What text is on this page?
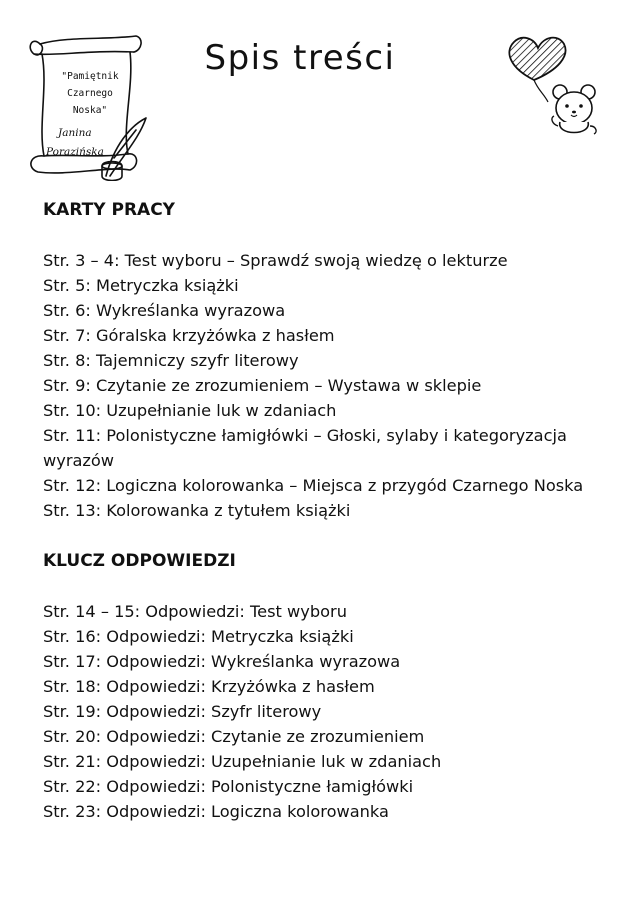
"Pamiętnik
Czarnego
Noska"
Janina
Porazińska
Spis treści
KARTY PRACY
Str. 3 – 4: Test wyboru – Sprawdź swoją wiedzę o lekturze
Str. 5: Metryczka książki
Str. 6: Wykreślanka wyrazowa
Str. 7: Góralska krzyżówka z hasłem
Str. 8: Tajemniczy szyfr literowy
Str. 9: Czytanie ze zrozumieniem – Wystawa w sklepie
Str. 10: Uzupełnianie luk w zdaniach
Str. 11: Polonistyczne łamigłówki – Głoski, sylaby i kategoryzacja wyrazów
Str. 12: Logiczna kolorowanka – Miejsca z przygód Czarnego Noska
Str. 13: Kolorowanka z tytułem książki
KLUCZ ODPOWIEDZI
Str. 14 – 15: Odpowiedzi: Test wyboru
Str. 16: Odpowiedzi: Metryczka książki
Str. 17: Odpowiedzi: Wykreślanka wyrazowa
Str. 18: Odpowiedzi: Krzyżówka z hasłem
Str. 19: Odpowiedzi: Szyfr literowy
Str. 20: Odpowiedzi: Czytanie ze zrozumieniem
Str. 21: Odpowiedzi: Uzupełnianie luk w zdaniach
Str. 22: Odpowiedzi: Polonistyczne łamigłówki
Str. 23: Odpowiedzi: Logiczna kolorowanka
